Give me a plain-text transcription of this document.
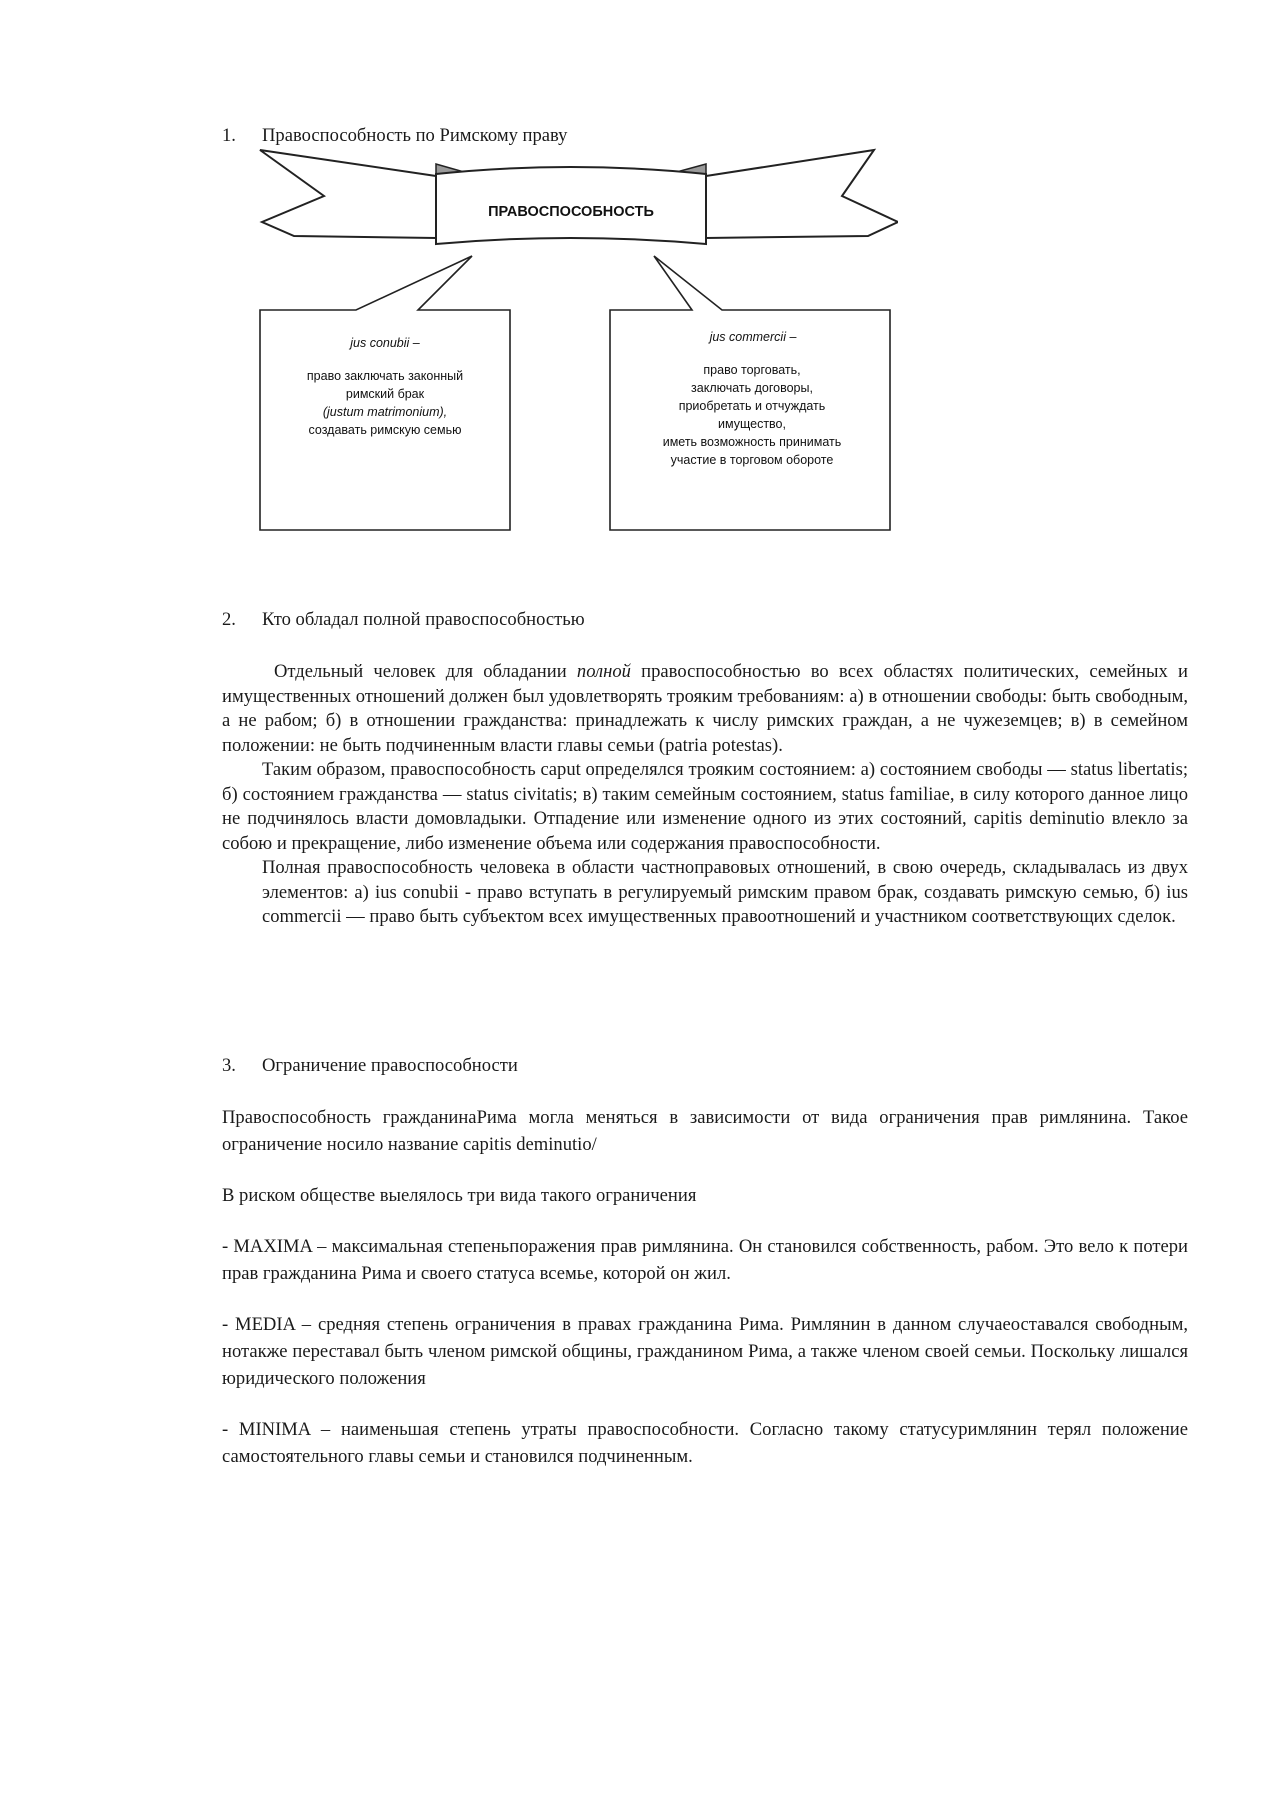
1.	Правоспособность по Римскому праву
ПРАВОСПОСОБНОСТЬ
jus conubii –
право заключать законный
римский брак
(justum matrimonium),
создавать римскую семью
jus commercii –
право торговать,
заключать договоры,
приобретать и отчуждать
имущество,
иметь возможность принимать
участие в торговом обороте
2.	Кто обладал полной правоспособностью

Отдельный человек для обладании полной правоспособностью во всех областях политических, семейных и имущественных отношений должен был удовлетворять трояким требованиям: а) в отношении свободы: быть свободным, а не рабом; б) в отношении гражданства: принадлежать к числу римских граждан, а не чужеземцев; в) в семейном положении: не быть подчиненным власти главы семьи (patria potestas).

Таким образом, правоспособность caput определялся трояким состоянием: а) состоянием свободы — status libertatis; б) состоянием гражданства — status civitatis; в) таким семейным состоянием, status familiae, в силу которого данное лицо не подчинялось власти домовладыки. Отпадение или изменение одного из этих состояний, capitis deminutio влекло за собою и прекращение, либо изменение объема или содержания правоспособности.

Полная правоспособность человека в области частноправовых отношений, в свою очередь, складывалась из двух элементов: а) ius conubii - право вступать в регулируемый римским правом брак, создавать римскую семью, б) ius commercii — право быть субъектом всех имущественных правоотношений и участником соответствующих сделок.

3.	Ограничение правоспособности

Правоспособность гражданинаРима могла меняться в зависимости от вида ограничения прав римлянина. Такое ограничение носило название capitis deminutio/

В риском обществе выелялось три вида такого ограничения

- MAXIMA – максимальная степеньпоражения прав римлянина. Он становился собственность, рабом. Это вело к потери прав гражданина Рима и своего статуса всемье, которой он жил.

- MEDIA – средняя степень ограничения в правах гражданина Рима. Римлянин в данном случаеоставался свободным, нотакже переставал быть членом римской общины, гражданином Рима, а также членом своей семьи. Поскольку лишался юридического положения

- MINIMA – наименьшая степень утраты правоспособности. Согласно такому статусуримлянин терял положение самостоятельного главы семьи и становился подчиненным.
